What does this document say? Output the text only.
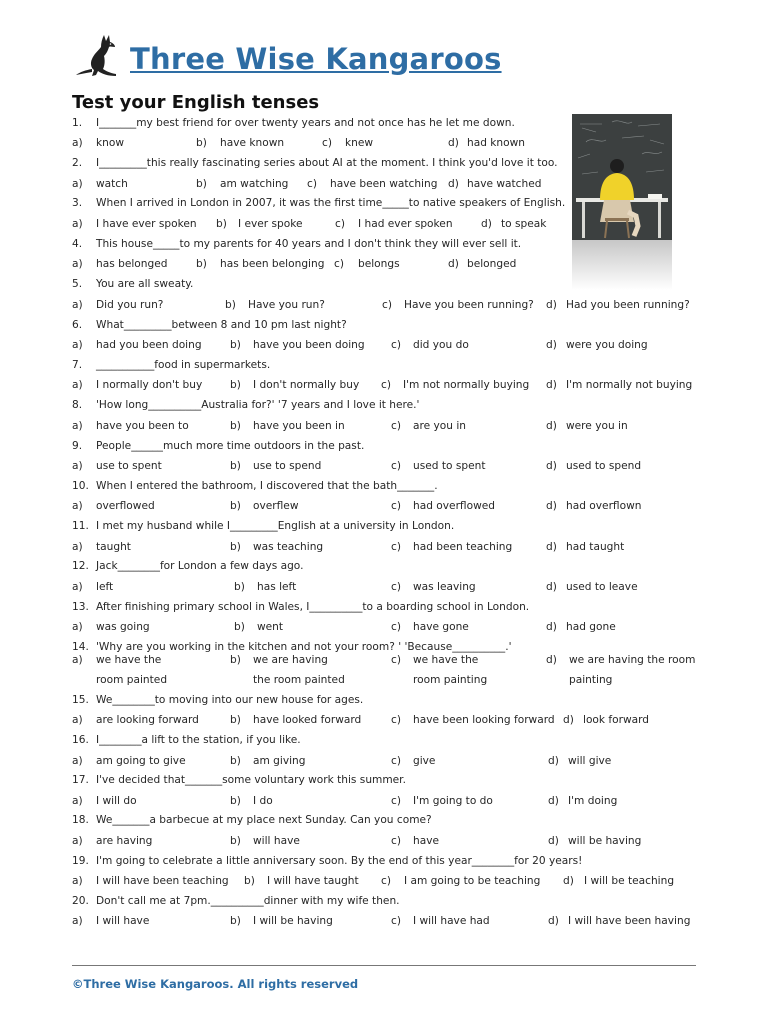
Three Wise Kangaroos
Test your English tenses
1. I_______my best friend for over twenty years and not once has he let me down.
a) know	b) have known	c) knew	d) had known
2. I_________this really fascinating series about AI at the moment. I think you'd love it too.
a) watch	b) am watching c) have been watching d) have watched
3. When I arrived in London in 2007, it was the first time_____to native speakers of English.
a) I have ever spoken b) I ever spoke	c) I had ever spoken	d) to speak
4. This house_____to my parents for 40 years and I don't think they will ever sell it.
a) has belonged	b) has been belonging c) belongs	d) belonged
5. You are all sweaty.
a) Did you run?	b) Have you run?	c) Have you been running? d) Had you been running?
6. What_________between 8 and 10 pm last night?
a) had you been doing	b) have you been doing c) did you do	d) were you doing
7. ___________food in supermarkets.
a) I normally don't buy	b) I don't normally buy c) I'm not normally buying d) I'm normally not buying
8. 'How long__________Australia for?' '7 years and I love it here.'
a) have you been to	b) have you been in	c) are you in	d) were you in
9. People______much more time outdoors in the past.
a) use to spent	b) use to spend	c) used to spent	d) used to spend
10. When I entered the bathroom, I discovered that the bath_______.
a) overflowed	b) overflew	c) had overflowed	d) had overflown
11. I met my husband while I_________English at a university in London.
a) taught	b) was teaching	c) had been teaching	d) had taught
12. Jack________for London a few days ago.
a) left	b) has left	c) was leaving	d) used to leave
13. After finishing primary school in Wales, I__________to a boarding school in London.
a) was going	b) went	c) have gone	d) had gone
14. 'Why are you working in the kitchen and not your room? ' 'Because__________.'
a) we have the	b) we are having	c) we have the	d) we are having the room
room painted	the room painted	room painting	painting
15. We________to moving into our new house for ages.
a) are looking forward	b) have looked forward	c) have been looking forward d) look forward
16. I________a lift to the station, if you like.
a) am going to give	b) am giving	c) give	d) will give
17. I've decided that_______some voluntary work this summer.
a) I will do	b) I do	c) I'm going to do	d) I'm doing
18. We_______a barbecue at my place next Sunday. Can you come?
a) are having	b) will have	c) have	d) will be having
19. I'm going to celebrate a little anniversary soon. By the end of this year________for 20 years!
a) I will have been teaching b) I will have taught c) I am going to be teaching d) I will be teaching
20. Don't call me at 7pm.__________dinner with my wife then.
a) I will have	b) I will be having	c) I will have had	d) I will have been having
©Three Wise Kangaroos. All rights reserved
